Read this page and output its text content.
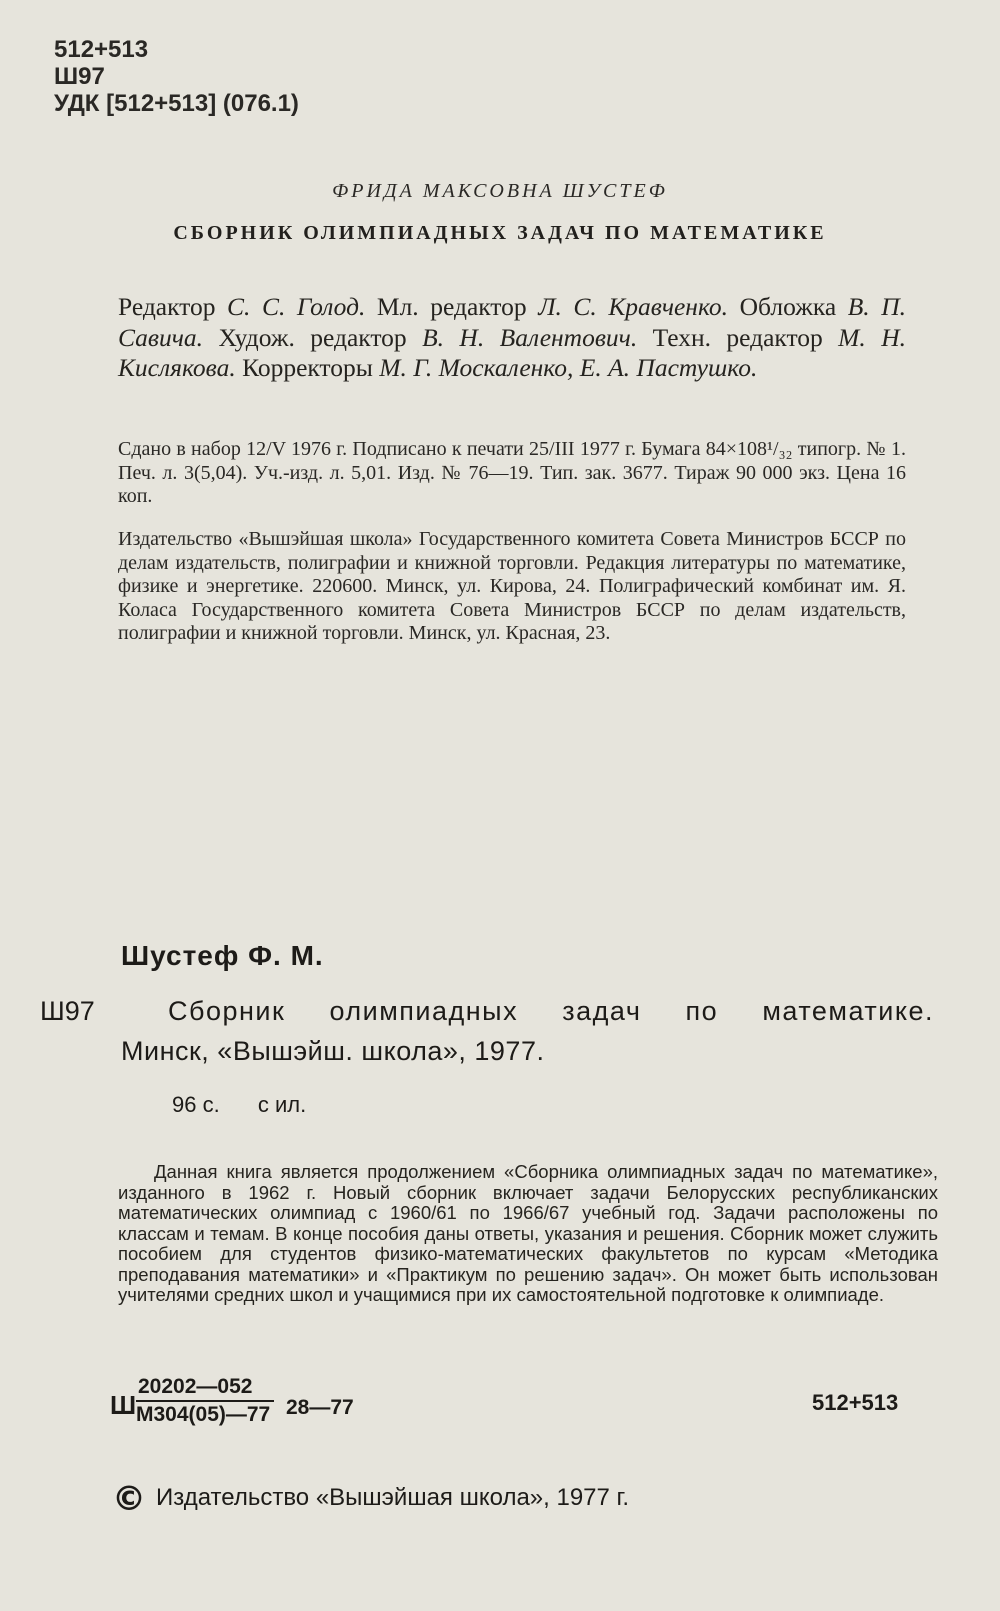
512+513
Ш97
УДК [512+513] (076.1)
ФРИДА МАКСОВНА ШУСТЕФ
СБОРНИК ОЛИМПИАДНЫХ ЗАДАЧ ПО МАТЕМАТИКЕ

Редактор С. С. Голод. Мл. редактор Л. С. Кравченко. Обложка В. П. Савича. Худож. редактор В. Н. Валентович. Техн. редактор М. Н. Кислякова. Корректоры М. Г. Москаленко, Е. А. Пастушко.

Сдано в набор 12/V 1976 г. Подписано к печати 25/III 1977 г. Бумага 84×108¹/₃₂ типогр. № 1. Печ. л. 3(5,04). Уч.-изд. л. 5,01. Изд. № 76—19. Тип. зак. 3677. Тираж 90 000 экз. Цена 16 коп.

Издательство «Вышэйшая школа» Государственного комитета Совета Министров БССР по делам издательств, полиграфии и книжной торговли. Редакция литературы по математике, физике и энергетике. 220600. Минск, ул. Кирова, 24. Полиграфический комбинат им. Я. Коласа Государственного комитета Совета Министров БССР по делам издательств, полиграфии и книжной торговли. Минск, ул. Красная, 23.

Шустеф Ф. М.
Ш97	Сборник олимпиадных задач по математике.
Минск, «Вышэйш. школа», 1977.
96 с. с ил.

Данная книга является продолжением «Сборника олимпиадных задач по математике», изданного в 1962 г. Новый сборник включает задачи Белорусских республиканских математических олимпиад с 1960/61 по 1966/67 учебный год. Задачи расположены по классам и темам. В конце пособия даны ответы, указания и решения. Сборник может служить пособием для студентов физико-математических факультетов по курсам «Методика преподавания математики» и «Практикум по решению задач». Он может быть использован учителями средних школ и учащимися при их самостоятельной подготовке к олимпиаде.

Ш
20202—052
М304(05)—77 28—77	512+513
© Издательство «Вышэйшая школа», 1977 г.
